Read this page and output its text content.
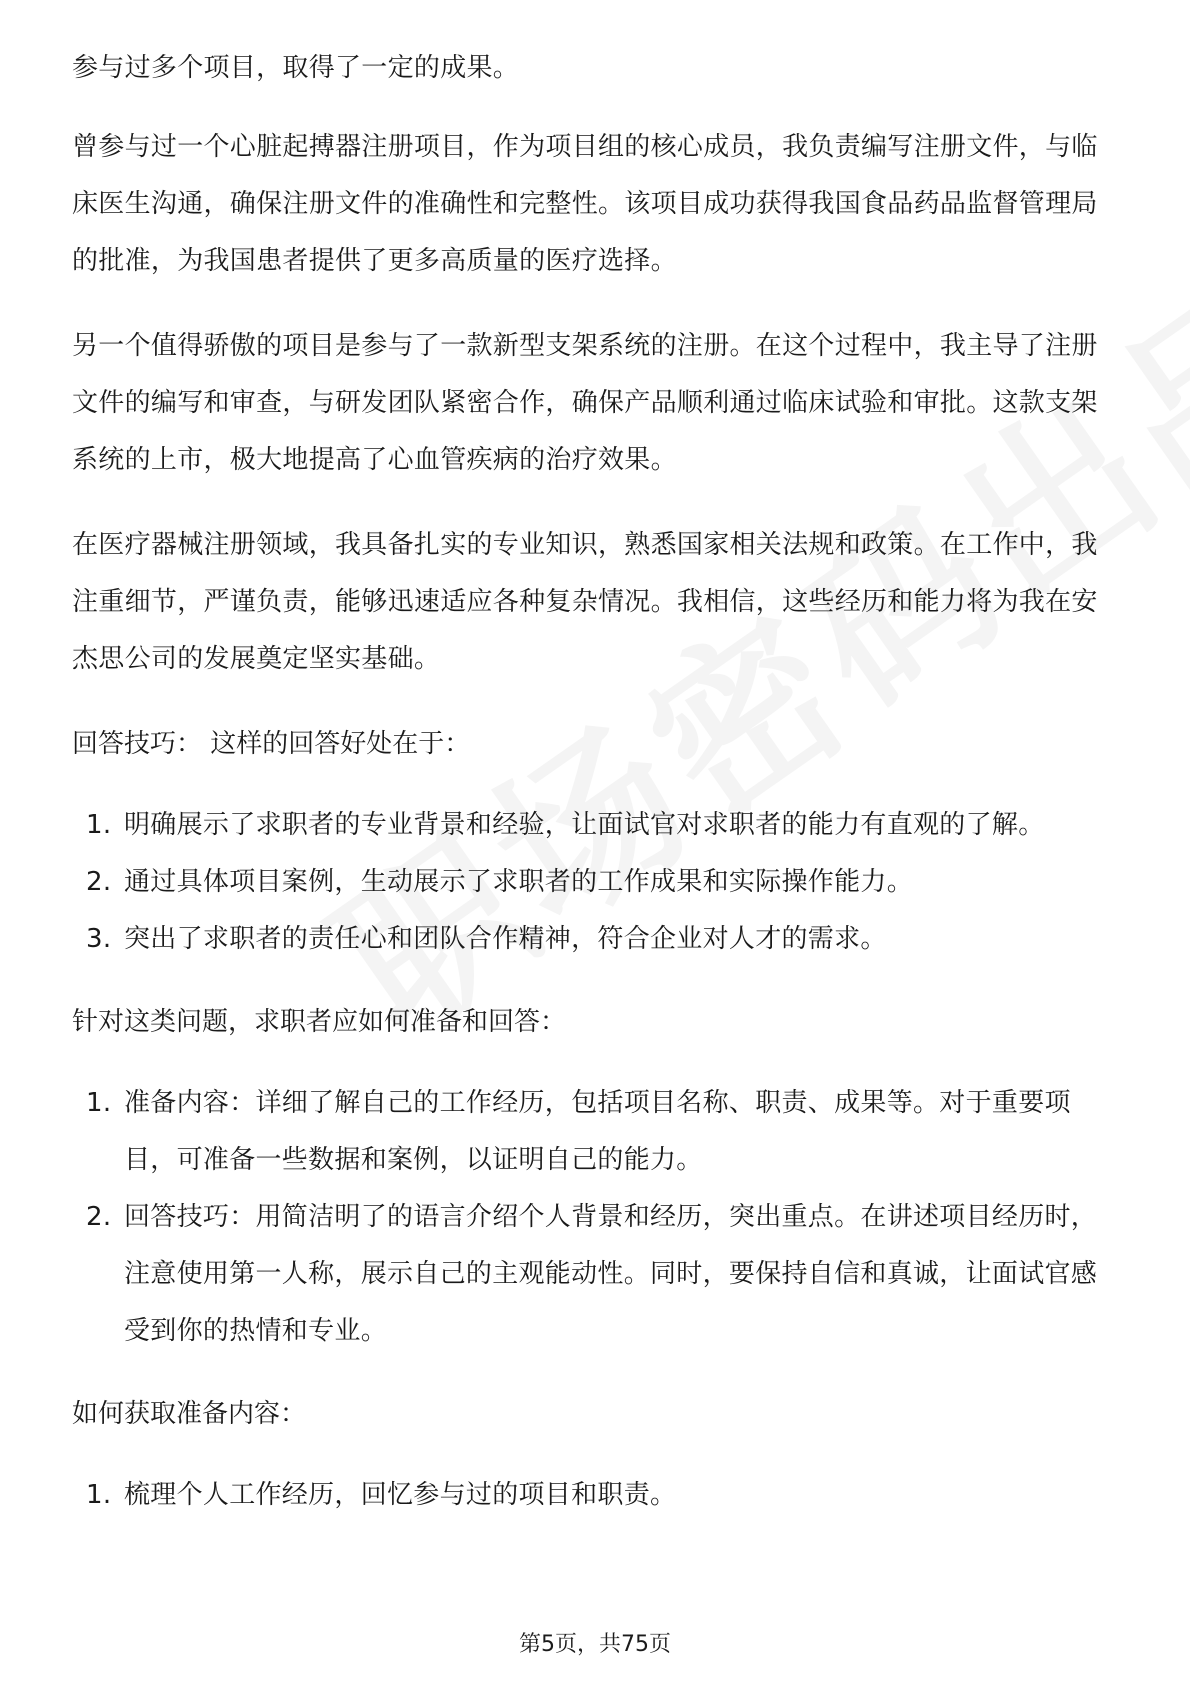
参与过多个项目，取得了一定的成果。

曾参与过一个心脏起搏器注册项目，作为项目组的核心成员，我负责编写注册文件，与临床医生沟通，确保注册文件的准确性和完整性。该项目成功获得我国食品药品监督管理局的批准，为我国患者提供了更多高质量的医疗选择。

另一个值得骄傲的项目是参与了一款新型支架系统的注册。在这个过程中，我主导了注册文件的编写和审查，与研发团队紧密合作，确保产品顺利通过临床试验和审批。这款支架系统的上市，极大地提高了心血管疾病的治疗效果。

在医疗器械注册领域，我具备扎实的专业知识，熟悉国家相关法规和政策。在工作中，我注重细节，严谨负责，能够迅速适应各种复杂情况。我相信，这些经历和能力将为我在安杰思公司的发展奠定坚实基础。

回答技巧： 这样的回答好处在于：

1. 明确展示了求职者的专业背景和经验，让面试官对求职者的能力有直观的了解。
2. 通过具体项目案例，生动展示了求职者的工作成果和实际操作能力。
3. 突出了求职者的责任心和团队合作精神，符合企业对人才的需求。

针对这类问题，求职者应如何准备和回答：

1. 准备内容：详细了解自己的工作经历，包括项目名称、职责、成果等。对于重要项目，可准备一些数据和案例，以证明自己的能力。
2. 回答技巧：用简洁明了的语言介绍个人背景和经历，突出重点。在讲述项目经历时，注意使用第一人称，展示自己的主观能动性。同时，要保持自信和真诚，让面试官感受到你的热情和专业。

如何获取准备内容：

1. 梳理个人工作经历，回忆参与过的项目和职责。
第5页，共75页
